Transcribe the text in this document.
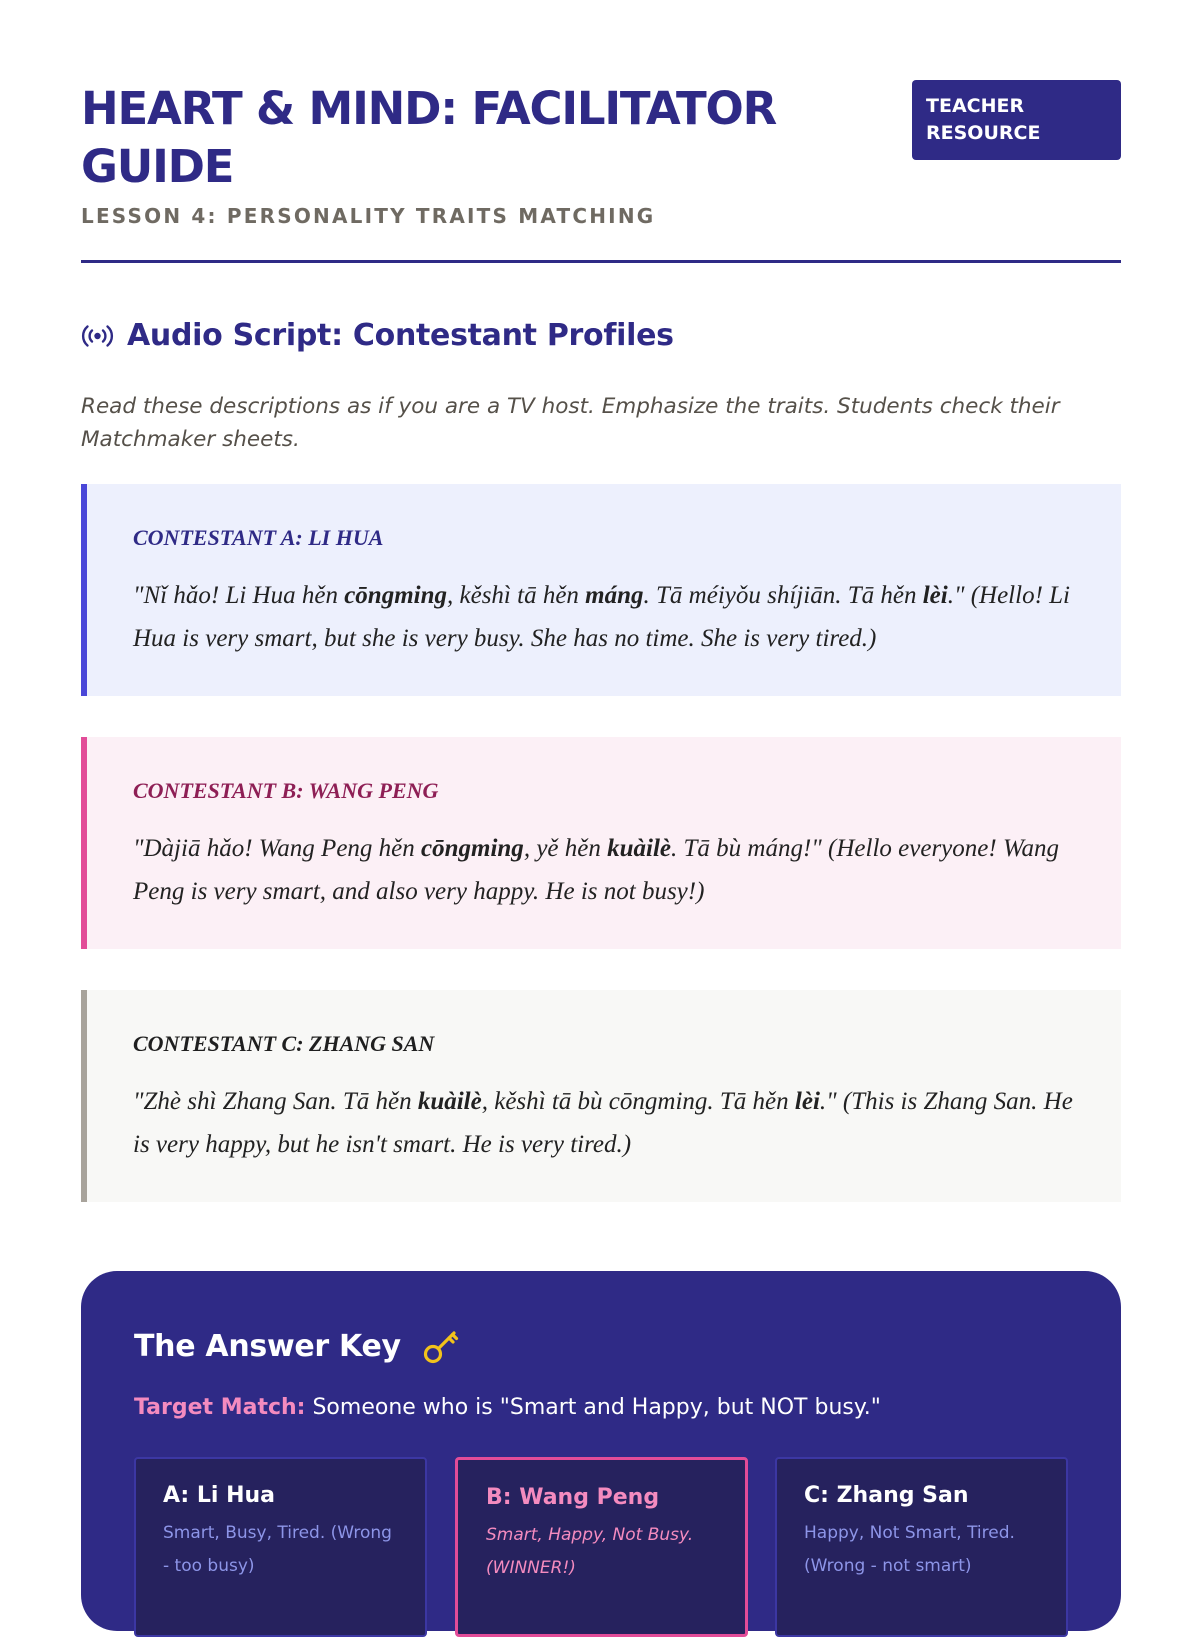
HEART & MIND: FACILITATOR GUIDE
LESSON 4: PERSONALITY TRAITS MATCHING
TEACHER RESOURCE
Audio Script: Contestant Profiles
Read these descriptions as if you are a TV host. Emphasize the traits. Students check their Matchmaker sheets.
CONTESTANT A: LI HUA
"Nǐ hǎo! Li Hua hěn cōngming, kěshì tā hěn máng. Tā méiyǒu shíjiān. Tā hěn lèi." (Hello! Li Hua is very smart, but she is very busy. She has no time. She is very tired.)
CONTESTANT B: WANG PENG
"Dàjiā hǎo! Wang Peng hěn cōngming, yě hěn kuàilè. Tā bù máng!" (Hello everyone! Wang Peng is very smart, and also very happy. He is not busy!)
CONTESTANT C: ZHANG SAN
"Zhè shì Zhang San. Tā hěn kuàilè, kěshì tā bù cōngming. Tā hěn lèi." (This is Zhang San. He is very happy, but he isn't smart. He is very tired.)
The Answer Key
Target Match: Someone who is "Smart and Happy, but NOT busy."
A: Li Hua
Smart, Busy, Tired. (Wrong - too busy)
B: Wang Peng
Smart, Happy, Not Busy. (WINNER!)
C: Zhang San
Happy, Not Smart, Tired. (Wrong - not smart)
